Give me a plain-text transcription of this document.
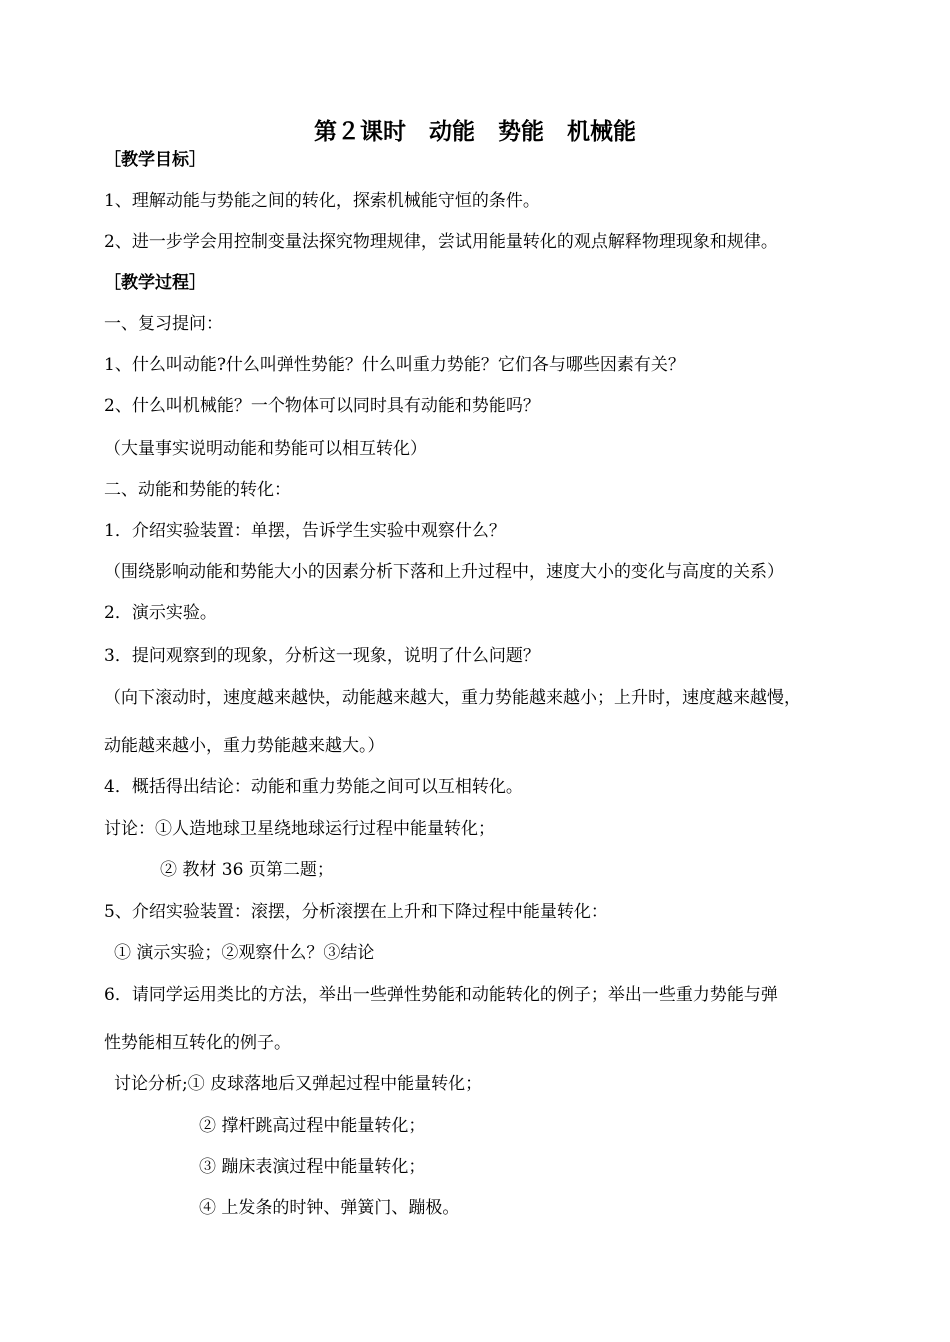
第２课时　动能　势能　机械能

［教学目标］

1、理解动能与势能之间的转化，探索机械能守恒的条件。

2、进一步学会用控制变量法探究物理规律，尝试用能量转化的观点解释物理现象和规律。

［教学过程］

一、复习提问：

1、什么叫动能?什么叫弹性势能？什么叫重力势能？它们各与哪些因素有关？

2、什么叫机械能？一个物体可以同时具有动能和势能吗？

（大量事实说明动能和势能可以相互转化）

二、动能和势能的转化：

1．介绍实验装置：单摆，告诉学生实验中观察什么？

（围绕影响动能和势能大小的因素分析下落和上升过程中，速度大小的变化与高度的关系）

2．演示实验。

3．提问观察到的现象，分析这一现象，说明了什么问题？

（向下滚动时，速度越来越快，动能越来越大，重力势能越来越小；上升时，速度越来越慢，

动能越来越小，重力势能越来越大。）

4．概括得出结论：动能和重力势能之间可以互相转化。

讨论：①人造地球卫星绕地球运行过程中能量转化；

② 教材 36 页第二题；

5、介绍实验装置：滚摆，分析滚摆在上升和下降过程中能量转化：

① 演示实验；②观察什么？③结论

6．请同学运用类比的方法，举出一些弹性势能和动能转化的例子；举出一些重力势能与弹

性势能相互转化的例子。

讨论分析;① 皮球落地后又弹起过程中能量转化；

② 撑杆跳高过程中能量转化；

③ 蹦床表演过程中能量转化；

④ 上发条的时钟、弹簧门、蹦极。
